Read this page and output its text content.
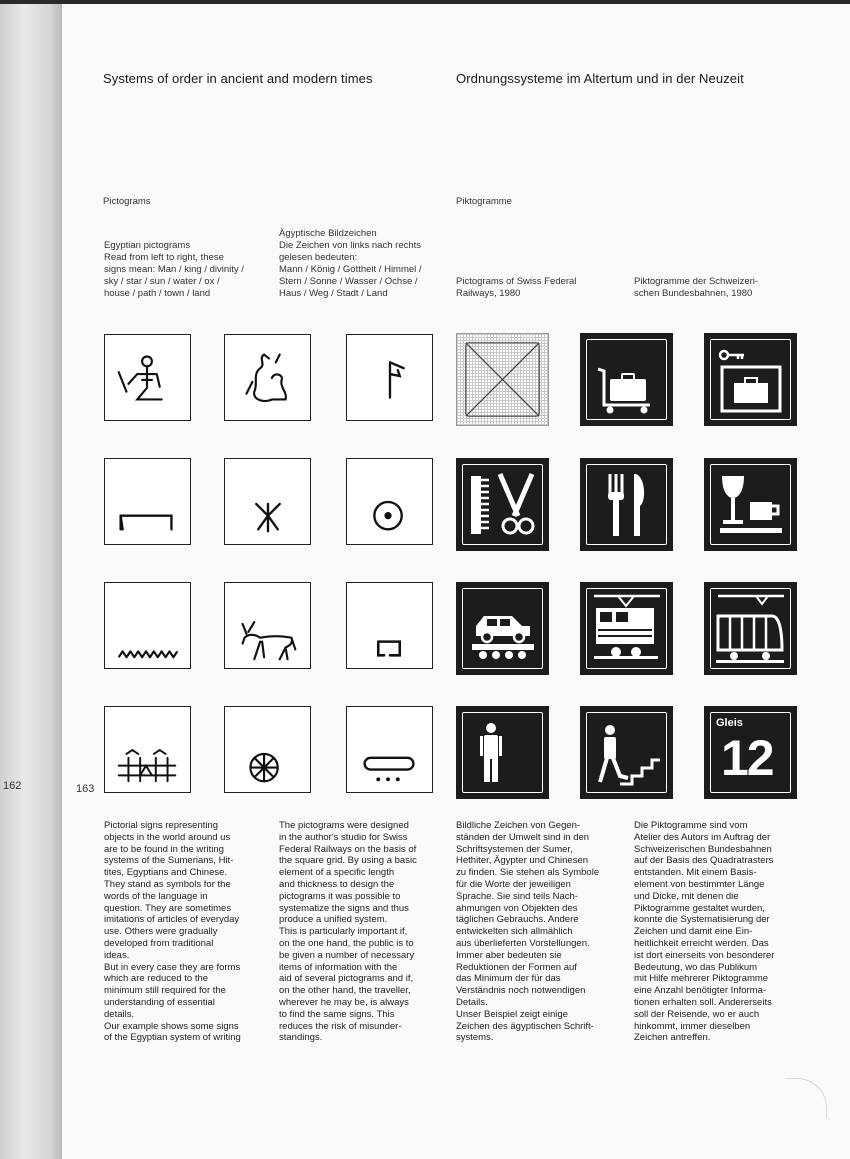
162	163
Systems of order in ancient and modern times	Ordnungssysteme im Altertum und in der Neuzeit
Pictograms	Piktogramme
Egyptian pictograms
Read from left to right, these
signs mean: Man / king / divinity /
sky / star / sun / water / ox /
house / path / town / land
Ägyptische Bildzeichen
Die Zeichen von links nach rechts
gelesen bedeuten:
Mann / König / Gottheit / Himmel /
Stern / Sonne / Wasser / Ochse /
Haus / Weg / Stadt / Land
Pictograms of Swiss Federal
Railways, 1980
Piktogramme der Schweizeri-
schen Bundesbahnen, 1980
Gleis
12
Pictorial signs representing
objects in the world around us
are to be found in the writing
systems of the Sumerians, Hit-
tites, Egyptians and Chinese.
They stand as symbols for the
words of the language in
question. They are sometimes
imitations of articles of everyday
use. Others were gradually
developed from traditional
ideas.
But in every case they are forms
which are reduced to the
minimum still required for the
understanding of essential
details.
Our example shows some signs
of the Egyptian system of writing
The pictograms were designed
in the author's studio for Swiss
Federal Railways on the basis of
the square grid. By using a basic
element of a specific length
and thickness to design the
pictograms it was possible to
systematize the signs and thus
produce a unified system.
This is particularly important if,
on the one hand, the public is to
be given a number of necessary
items of information with the
aid of several pictograms and if,
on the other hand, the traveller,
wherever he may be, is always
to find the same signs. This
reduces the risk of misunder-
standings.
Bildliche Zeichen von Gegen-
ständen der Umwelt sind in den
Schriftsystemen der Sumer,
Hethiter, Ägypter und Chinesen
zu finden. Sie stehen als Symbole
für die Worte der jeweiligen
Sprache. Sie sind teils Nach-
ahmungen von Objekten des
täglichen Gebrauchs. Andere
entwickelten sich allmählich
aus überlieferten Vorstellungen.
Immer aber bedeuten sie
Reduktionen der Formen auf
das Minimum der für das
Verständnis noch notwendigen
Details.
Unser Beispiel zeigt einige
Zeichen des ägyptischen Schrift-
systems.
Die Piktogramme sind vom
Atelier des Autors im Auftrag der
Schweizerischen Bundesbahnen
auf der Basis des Quadratrasters
entstanden. Mit einem Basis-
element von bestimmter Länge
und Dicke, mit denen die
Piktogramme gestaltet wurden,
konnte die Systematisierung der
Zeichen und damit eine Ein-
heitlichkeit erreicht werden. Das
ist dort einerseits von besonderer
Bedeutung, wo das Publikum
mit Hilfe mehrerer Piktogramme
eine Anzahl benötigter Informa-
tionen erhalten soll. Andererseits
soll der Reisende, wo er auch
hinkommt, immer dieselben
Zeichen antreffen.
